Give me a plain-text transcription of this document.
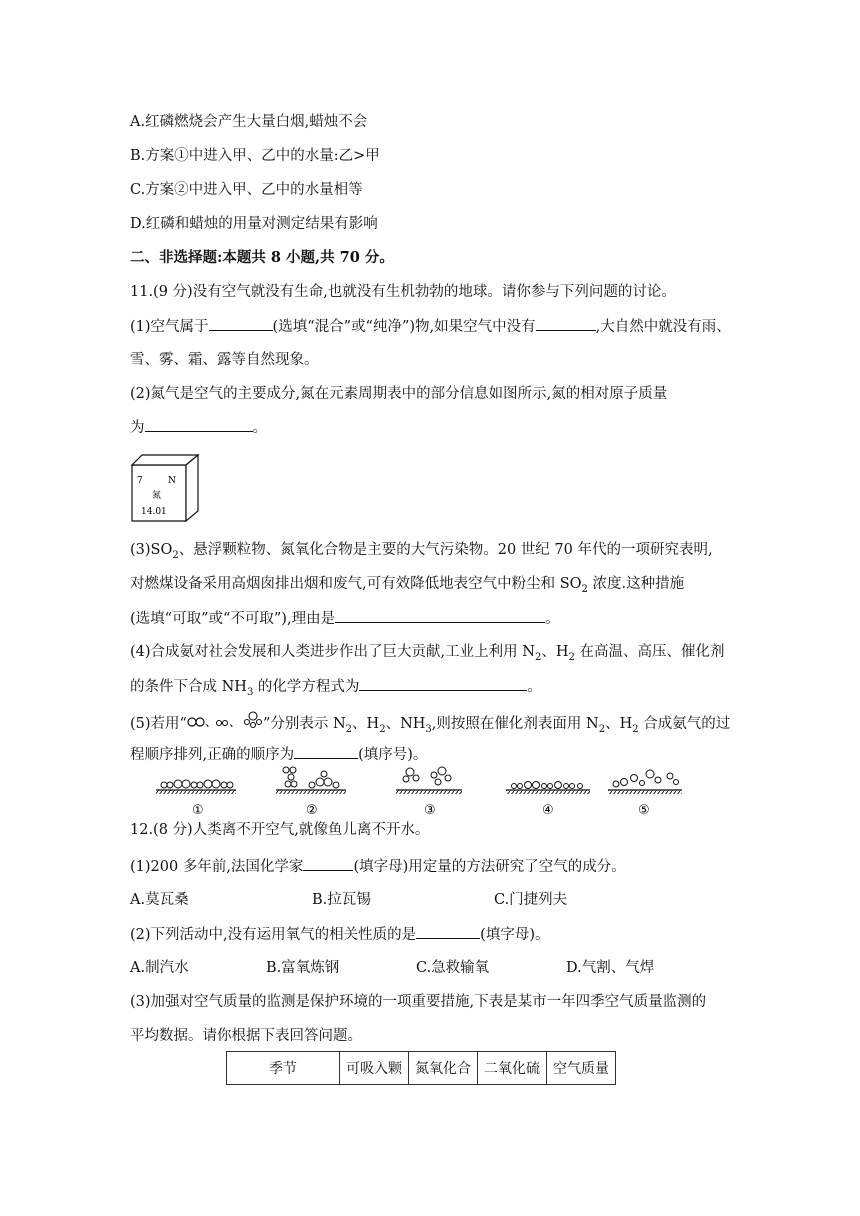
A.红磷燃烧会产生大量白烟,蜡烛不会
B.方案①中进入甲、乙中的水量:乙>甲
C.方案②中进入甲、乙中的水量相等
D.红磷和蜡烛的用量对测定结果有影响
二、非选择题:本题共 8 小题,共 70 分。
11.(9 分)没有空气就没有生命,也就没有生机勃勃的地球。请你参与下列问题的讨论。
(1)空气属于	(选填“混合”或“纯净”)物,如果空气中没有	,大自然中就没有雨、
雪、雾、霜、露等自然现象。
(2)氮气是空气的主要成分,氮在元素周期表中的部分信息如图所示,氮的相对原子质量
为	。
7	N
氮
14.01
$(3)SO_2$、悬浮颗粒物、氮氧化合物是主要的大气污染物。20 世纪 70 年代的一项研究表明,
对燃煤设备采用高烟囱排出烟和废气,可有效降低地表空气中粉尘和 $SO_2$ 浓度.这种措施
(选填“可取”或“不可取”),理由是	。
(4)合成氨对社会发展和人类进步作出了巨大贡献,工业上利用 $N_2$、$H_2$ 在高温、高压、催化剂
的条件下合成 $NH_3$ 的化学方程式为	。
(5)若用“ 、 、 ”分别表示 $N_2$、$H_2$、$NH_3$,则按照在催化剂表面用 $N_2$、$H_2$ 合成氨气的过
程顺序排列,正确的顺序为	(填序号)。
①	②	③	④	⑤
12.(8 分)人类离不开空气,就像鱼儿离不开水。
(1)200 多年前,法国化学家	(填字母)用定量的方法研究了空气的成分。
A.莫瓦桑	B.拉瓦锡	C.门捷列夫
(2)下列活动中,没有运用氧气的相关性质的是	(填字母)。
A.制汽水	B.富氧炼钢	C.急救输氧	D.气割、气焊
(3)加强对空气质量的监测是保护环境的一项重要措施,下表是某市一年四季空气质量监测的
平均数据。请你根据下表回答问题。
季节	可吸入颗	氮氧化合	二氧化硫	空气质量
